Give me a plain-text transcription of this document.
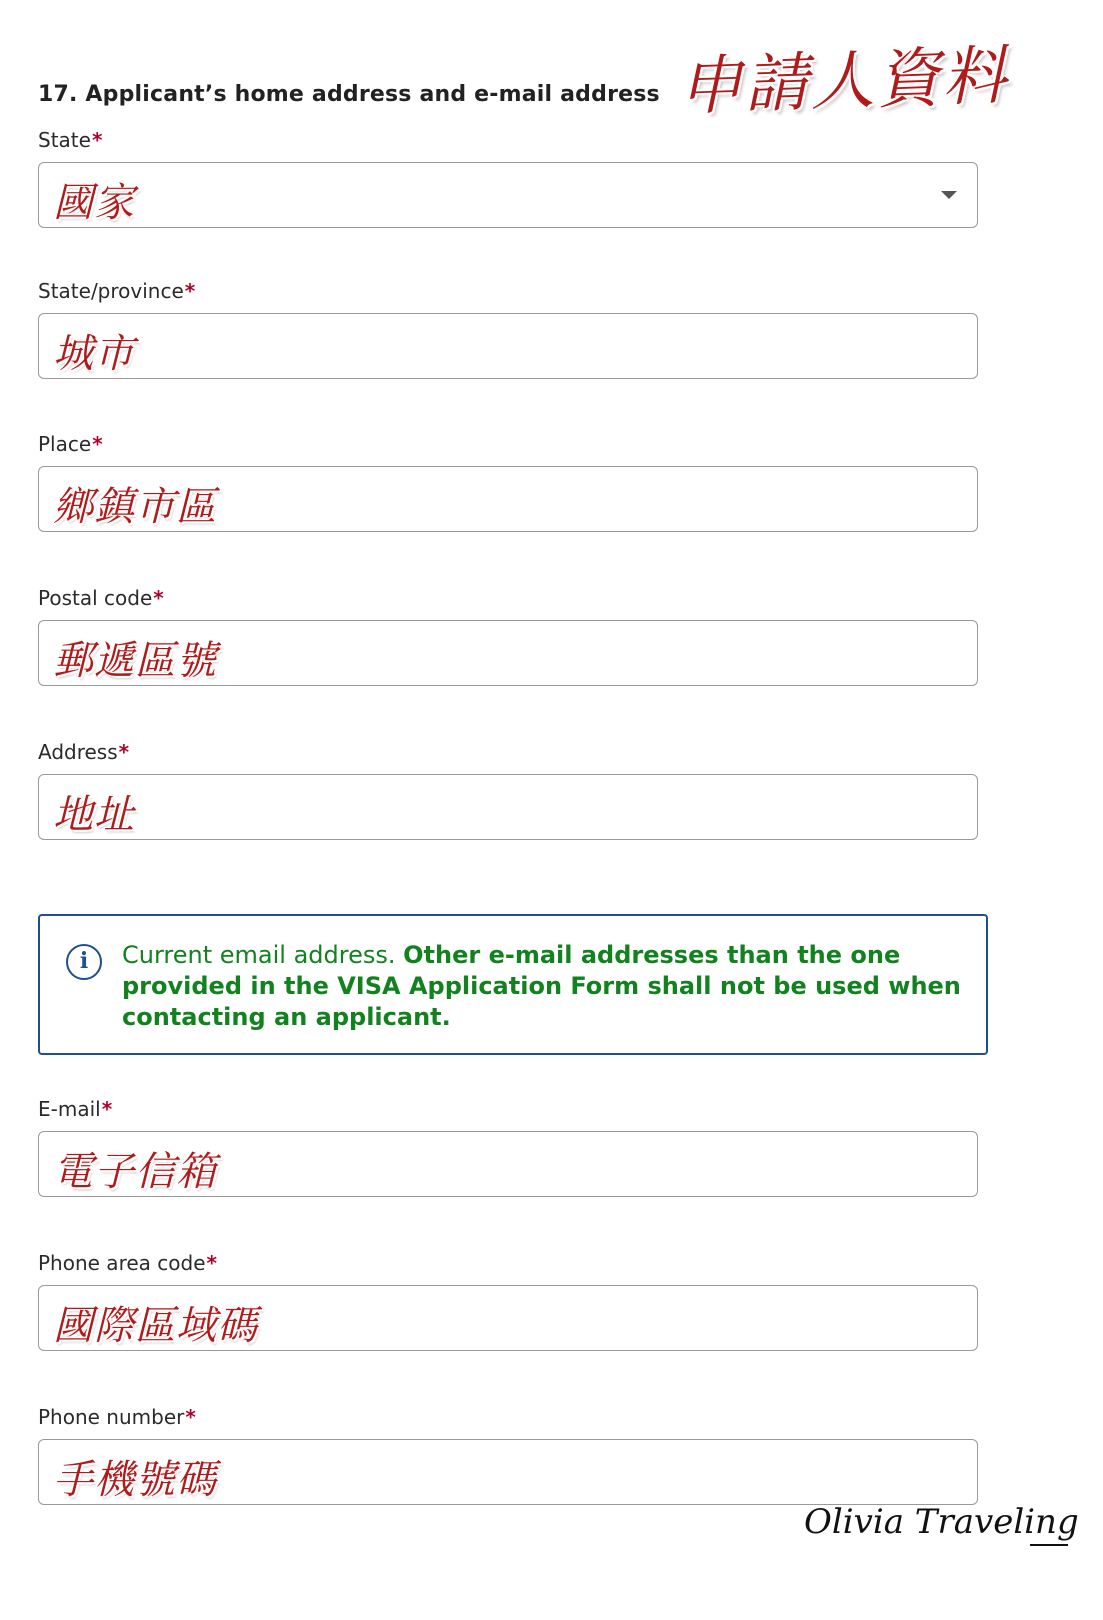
17. Applicant’s home address and e-mail address 申請人資料
State*
國家
State/province*
城市
Place*
鄉鎮市區
Postal code*
郵遞區號
Address*
地址
i	Current email address. Other e-mail addresses than the one provided in the VISA Application Form shall not be used when contacting an applicant.
E-mail*
電子信箱
Phone area code*
國際區域碼
Phone number*
手機號碼
Olivia Traveling
